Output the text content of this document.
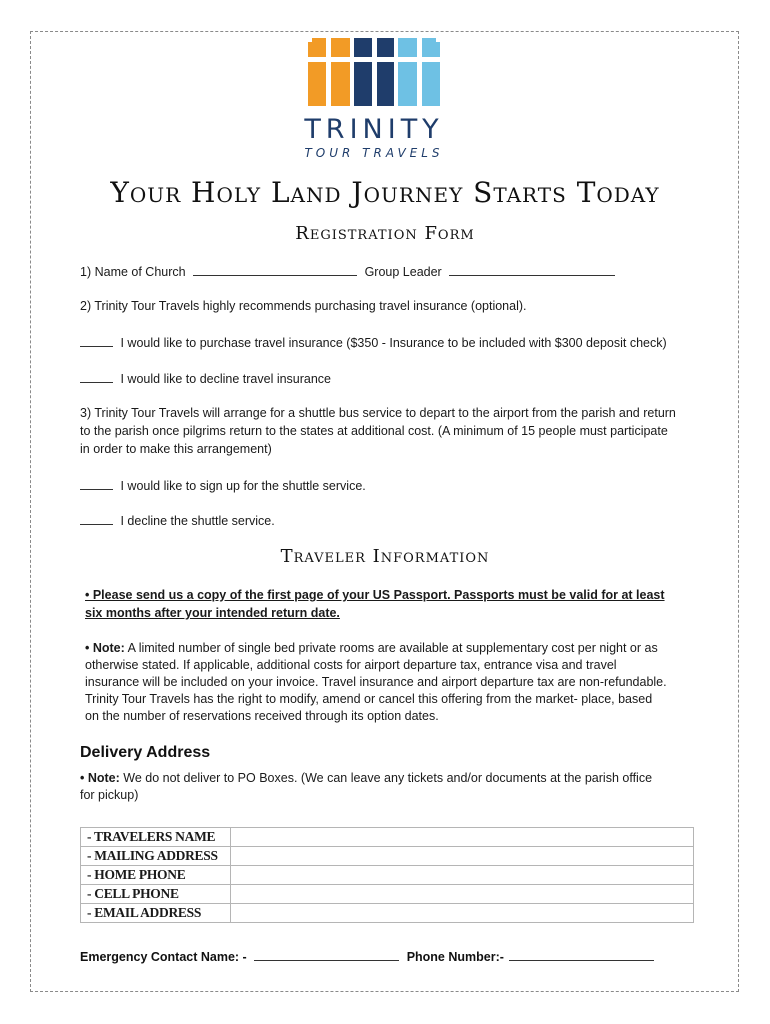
TRINITY
TOUR TRAVELS
Your Holy Land Journey Starts Today
Registration Form
1) Name of Church	Group Leader
2) Trinity Tour Travels highly recommends purchasing travel insurance (optional).
I would like to purchase travel insurance ($350 - Insurance to be included with $300 deposit check)
I would like to decline travel insurance
3) Trinity Tour Travels will arrange for a shuttle bus service to depart to the airport from the parish and return
to the parish once pilgrims return to the states at additional cost. (A minimum of 15 people must participate
in order to make this arrangement)
I would like to sign up for the shuttle service.
I decline the shuttle service.
Traveler Information
• Please send us a copy of the first page of your US Passport. Passports must be valid for at least
six months after your intended return date.
• Note: A limited number of single bed private rooms are available at supplementary cost per night or as
otherwise stated. If applicable, additional costs for airport departure tax, entrance visa and travel
insurance will be included on your invoice. Travel insurance and airport departure tax are non-refundable.
Trinity Tour Travels has the right to modify, amend or cancel this offering from the market- place, based
on the number of reservations received through its option dates.
Delivery Address
• Note: We do not deliver to PO Boxes. (We can leave any tickets and/or documents at the parish office
for pickup)
- TRAVELERS NAME	
- MAILING ADDRESS	
- HOME PHONE	
- CELL PHONE	
- EMAIL ADDRESS	
Emergency Contact Name: -	Phone Number:-
